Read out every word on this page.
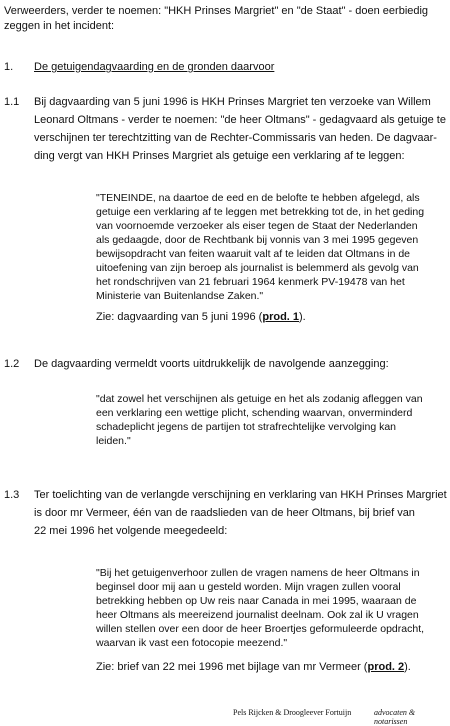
Verweerders, verder te noemen: "HKH Prinses Margriet" en "de Staat" - doen eerbiedig
zeggen in het incident:
1. De getuigendagvaarding en de gronden daarvoor
1.1 Bij dagvaarding van 5 juni 1996 is HKH Prinses Margriet ten verzoeke van Willem
Leonard Oltmans - verder te noemen: "de heer Oltmans" - gedagvaard als getuige te
verschijnen ter terechtzitting van de Rechter-Commissaris van heden. De dagvaar-
ding vergt van HKH Prinses Margriet als getuige een verklaring af te leggen:
"TENEINDE, na daartoe de eed en de belofte te hebben afgelegd, als
getuige een verklaring af te leggen met betrekking tot de, in het geding
van voornoemde verzoeker als eiser tegen de Staat der Nederlanden
als gedaagde, door de Rechtbank bij vonnis van 3 mei 1995 gegeven
bewijsopdracht van feiten waaruit valt af te leiden dat Oltmans in de
uitoefening van zijn beroep als journalist is belemmerd als gevolg van
het rondschrijven van 21 februari 1964 kenmerk PV-19478 van het
Ministerie van Buitenlandse Zaken."
Zie: dagvaarding van 5 juni 1996 (prod. 1).
1.2 De dagvaarding vermeldt voorts uitdrukkelijk de navolgende aanzegging:
"dat zowel het verschijnen als getuige en het als zodanig afleggen van
een verklaring een wettige plicht, schending waarvan, onverminderd
schadeplicht jegens de partijen tot strafrechtelijke vervolging kan
leiden."
1.3 Ter toelichting van de verlangde verschijning en verklaring van HKH Prinses Margriet
is door mr Vermeer, één van de raadslieden van de heer Oltmans, bij brief van
22 mei 1996 het volgende meegedeeld:
"Bij het getuigenverhoor zullen de vragen namens de heer Oltmans in
beginsel door mij aan u gesteld worden. Mijn vragen zullen vooral
betrekking hebben op Uw reis naar Canada in mei 1995, waaraan de
heer Oltmans als meereizend journalist deelnam. Ook zal ik U vragen
willen stellen over een door de heer Broertjes geformuleerde opdracht,
waarvan ik vast een fotocopie meezend."
Zie: brief van 22 mei 1996 met bijlage van mr Vermeer (prod. 2).
Pels Rijcken & Droogleever Fortuijn	advocaten & notarissen
